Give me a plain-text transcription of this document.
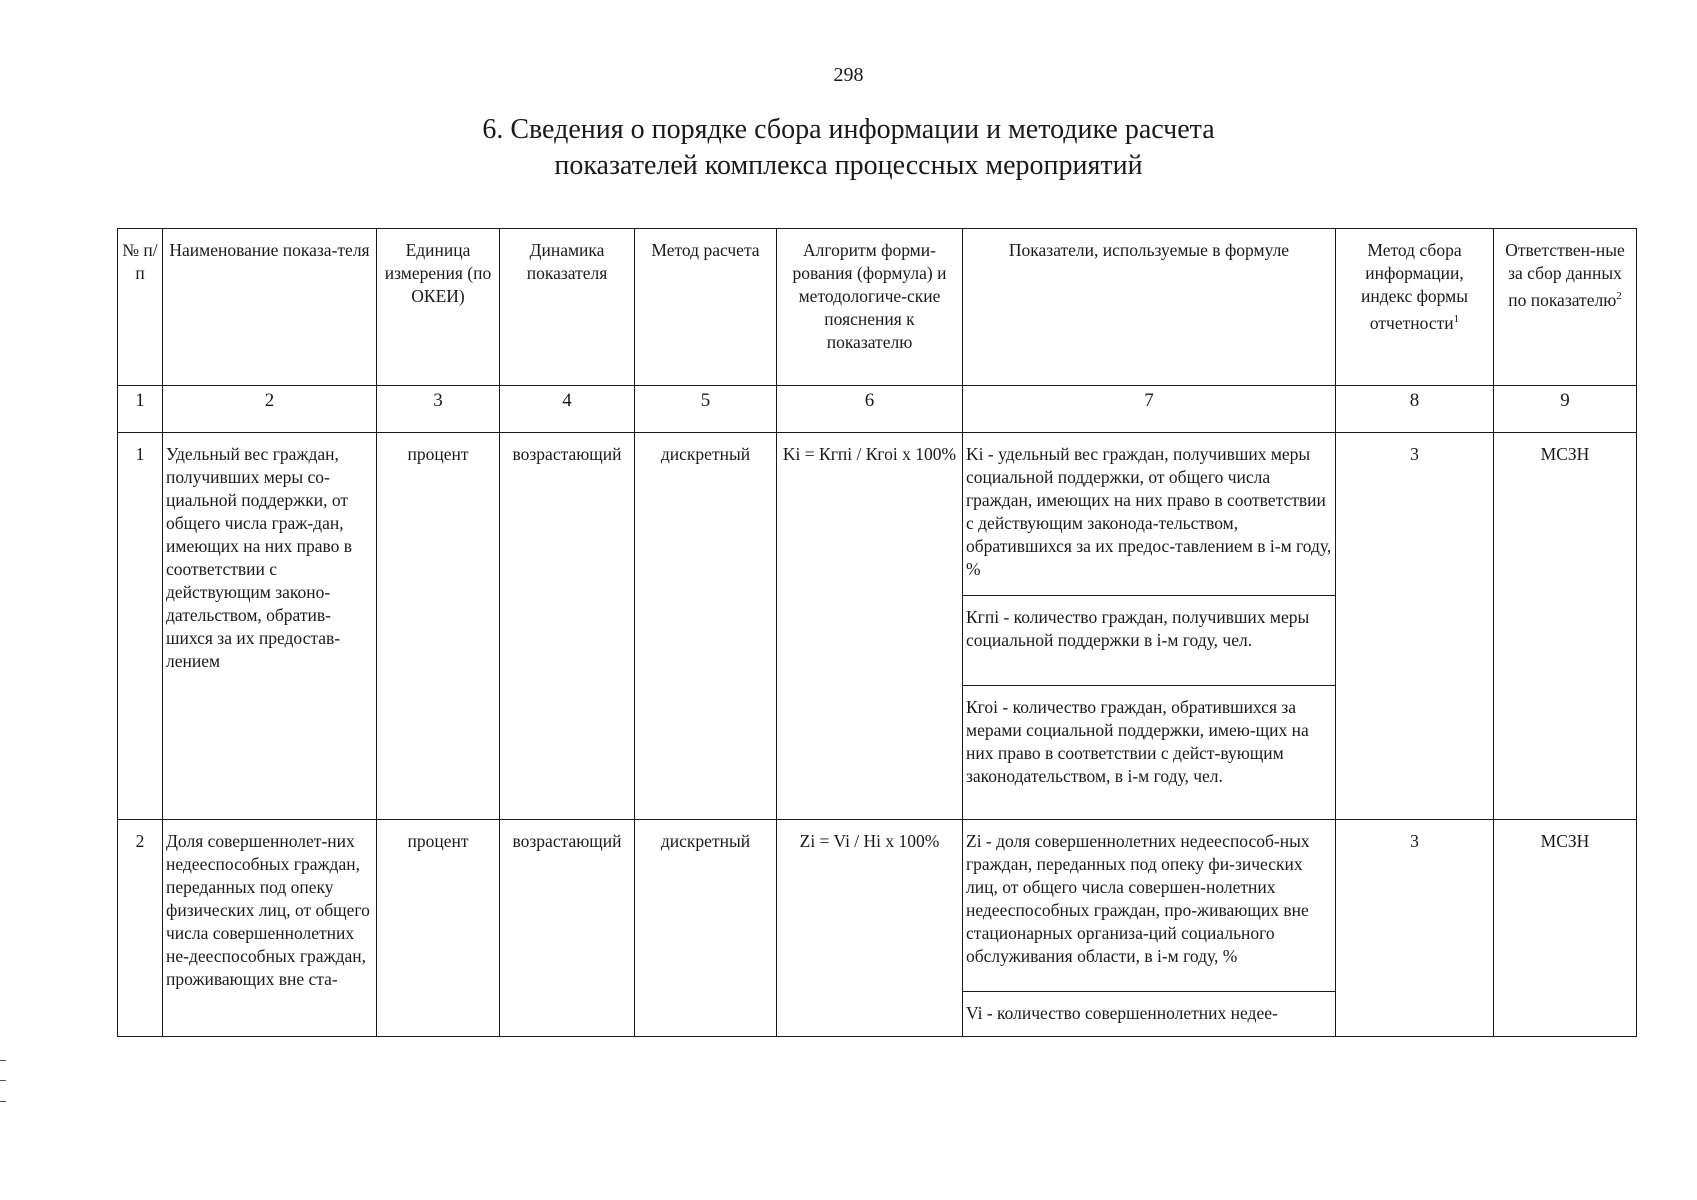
298
6. Сведения о порядке сбора информации и методике расчета
показателей комплекса процессных мероприятий
№ п/п	Наименование показа-теля	Единица измерения (по ОКЕИ)	Динамика показателя	Метод расчета	Алгоритм форми-рования (формула) и методологиче-ские пояснения к показателю	Показатели, используемые в формуле	Метод сбора информации, индекс формы отчетности$^1$	Ответствен-ные за сбор данных по показателю$^2$
1	2	3	4	5	6	7	8	9
1	Удельный вес граждан, получивших меры со-циальной поддержки, от общего числа граж-дан, имеющих на них право в соответствии с действующим законо-дательством, обратив-шихся за их предостав-лением	процент	возрастающий	дискретный	Ki = Кгпi / Кгоi x 100%	Ki - удельный вес граждан, получивших меры социальной поддержки, от общего числа граждан, имеющих на них право в соответствии с действующим законода-тельством, обратившихся за их предос-тавлением в i-м году, %	3	МСЗН
						Кгпi - количество граждан, получивших меры социальной поддержки в i-м году, чел.		
						Кгоi - количество граждан, обратившихся за мерами социальной поддержки, имею-щих на них право в соответствии с дейст-вующим законодательством, в i-м году, чел.		
2	Доля совершеннолет-них недееспособных граждан, переданных под опеку физических лиц, от общего числа совершеннолетних не-дееспособных граждан, проживающих вне ста-	процент	возрастающий	дискретный	Zi = Vi / Hi x 100%	Zi - доля совершеннолетних недееспособ-ных граждан, переданных под опеку фи-зических лиц, от общего числа совершен-нолетних недееспособных граждан, про-живающих вне стационарных организа-ций социального обслуживания области, в i-м году, %	3	МСЗН
						Vi - количество совершеннолетних недее-		
